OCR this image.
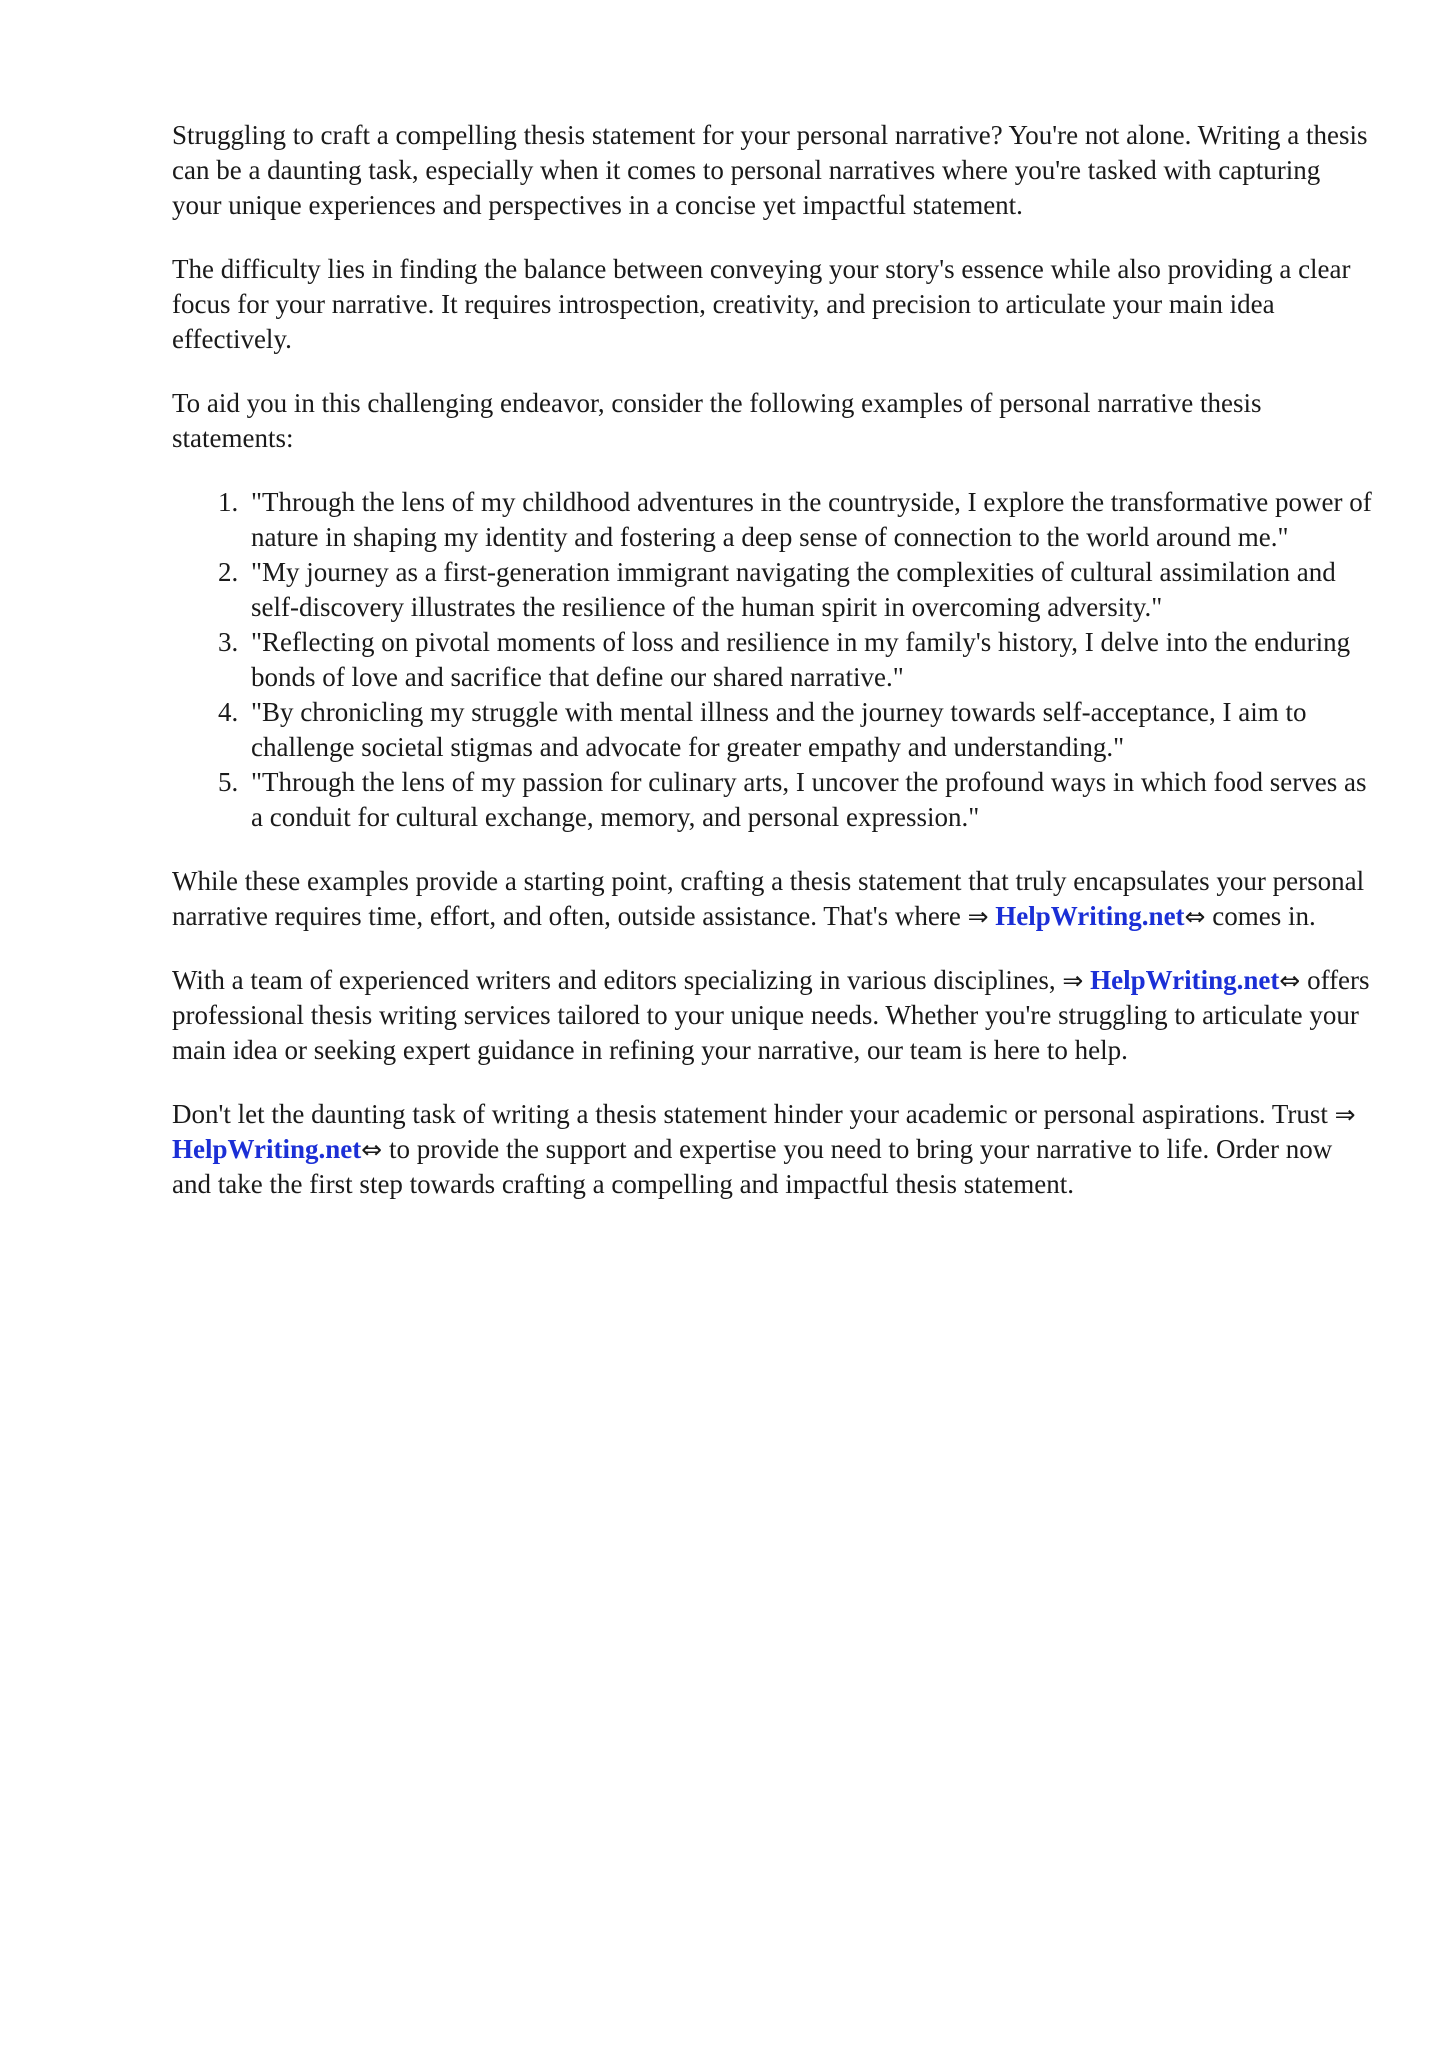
Struggling to craft a compelling thesis statement for your personal narrative? You're not alone. Writing a thesis can be a daunting task, especially when it comes to personal narratives where you're tasked with capturing your unique experiences and perspectives in a concise yet impactful statement.

The difficulty lies in finding the balance between conveying your story's essence while also providing a clear focus for your narrative. It requires introspection, creativity, and precision to articulate your main idea effectively.

To aid you in this challenging endeavor, consider the following examples of personal narrative thesis statements:

1. "Through the lens of my childhood adventures in the countryside, I explore the transformative power of nature in shaping my identity and fostering a deep sense of connection to the world around me."
2. "My journey as a first-generation immigrant navigating the complexities of cultural assimilation and self-discovery illustrates the resilience of the human spirit in overcoming adversity."
3. "Reflecting on pivotal moments of loss and resilience in my family's history, I delve into the enduring bonds of love and sacrifice that define our shared narrative."
4. "By chronicling my struggle with mental illness and the journey towards self-acceptance, I aim to challenge societal stigmas and advocate for greater empathy and understanding."
5. "Through the lens of my passion for culinary arts, I uncover the profound ways in which food serves as a conduit for cultural exchange, memory, and personal expression."

While these examples provide a starting point, crafting a thesis statement that truly encapsulates your personal narrative requires time, effort, and often, outside assistance. That's where ⇒ HelpWriting.net⇔ comes in.

With a team of experienced writers and editors specializing in various disciplines, ⇒ HelpWriting.net⇔ offers professional thesis writing services tailored to your unique needs. Whether you're struggling to articulate your main idea or seeking expert guidance in refining your narrative, our team is here to help.

Don't let the daunting task of writing a thesis statement hinder your academic or personal aspirations. Trust ⇒ HelpWriting.net⇔ to provide the support and expertise you need to bring your narrative to life. Order now and take the first step towards crafting a compelling and impactful thesis statement.
